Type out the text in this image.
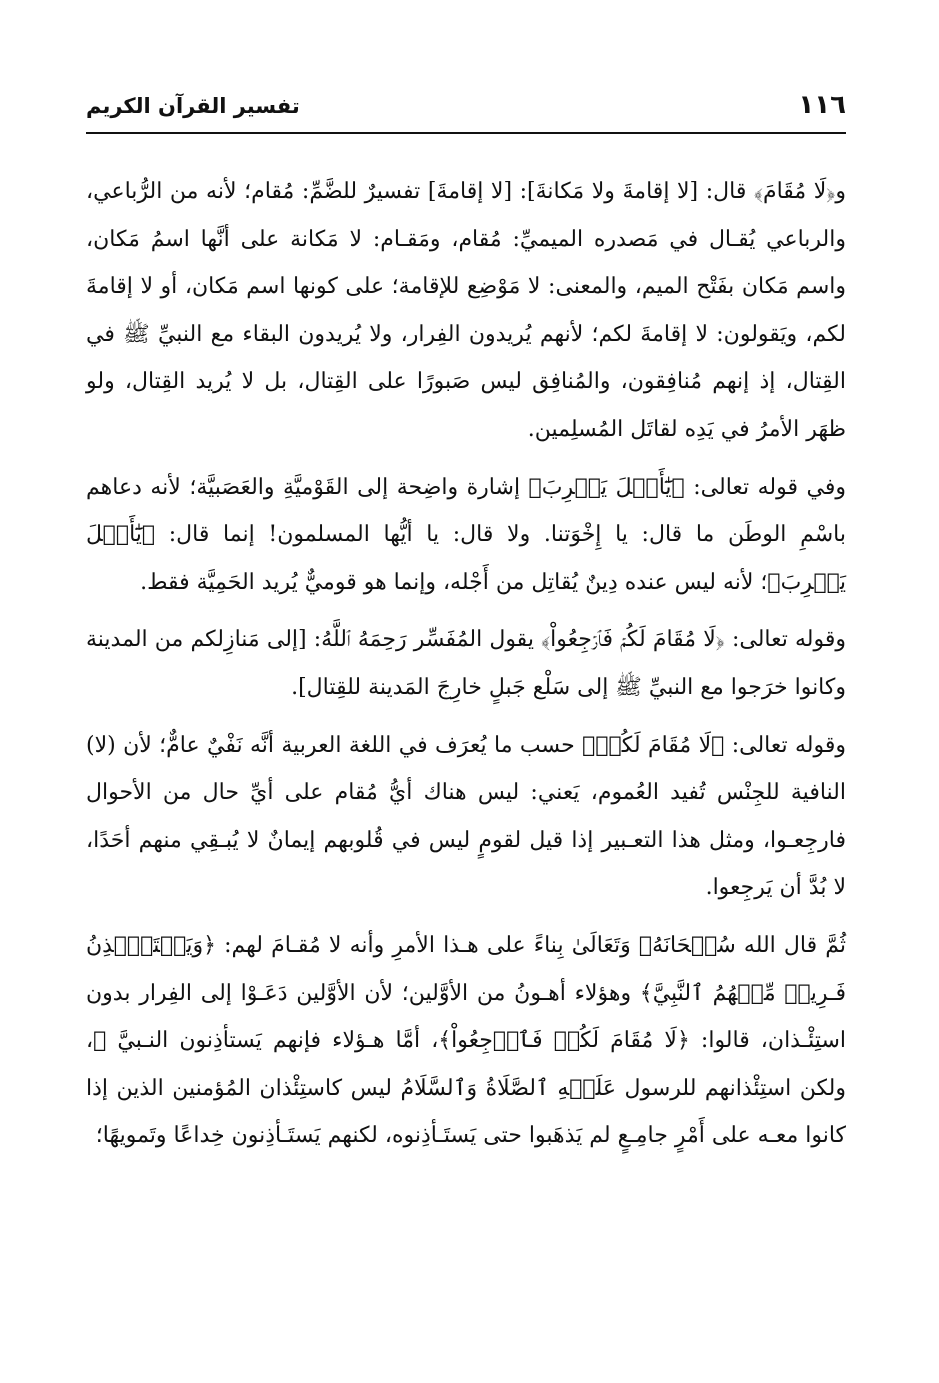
١١٦
تفسير القرآن الكريم

و﴿لَا مُقَامَ﴾ قال: [لا إقامةَ ولا مَكانةَ]: [لا إقامةَ] تفسيرٌ للضَّمِّ: مُقام؛ لأنه من الرُّباعي، والرباعي يُقـال في مَصدره الميميِّ: مُقام، ومَقـام: لا مَكانة على أنَّها اسمُ مَكان، واسم مَكان بفَتْح الميم، والمعنى: لا مَوْضِع للإقامة؛ على كونها اسم مَكان، أو لا إقامةَ لكم، ويَقولون: لا إقامةَ لكم؛ لأنهم يُريدون الفِرار، ولا يُريدون البقاء مع النبيِّ ﷺ في القِتال، إذ إنهم مُنافِقون، والمُنافِق ليس صَبورًا على القِتال، بل لا يُريد القِتال، ولو ظهَر الأمرُ في يَدِه لقاتَل المُسلِمين.

وفي قوله تعالى: ﴿يَٰٓأَهۡلَ يَثۡرِبَ﴾ إشارة واضِحة إلى القَوْميَّةِ والعَصَبيَّة؛ لأنه دعاهم باسْمِ الوطَن ما قال: يا إِخْوَتنا. ولا قال: يا أيُّها المسلمون! إنما قال: ﴿يَٰٓأَهۡلَ يَثۡرِبَ﴾؛ لأنه ليس عنده دِينٌ يُقاتِل من أَجْله، وإنما هو قوميٌّ يُريد الحَمِيَّة فقط.

وقوله تعالى: ﴿لَا مُقَامَ لَكُمۡ فَٱرۡجِعُواْ﴾ يقول المُفَسِّر رَحِمَهُ ٱللَّهُ: [إلى مَنازِلكم من المدينة وكانوا خرَجوا مع النبيِّ ﷺ إلى سَلْع جَبلٍ خارِجَ المَدينة للقِتال].

وقوله تعالى: ﴿لَا مُقَامَ لَكُمۡ﴾ حسب ما يُعرَف في اللغة العربية أنَّه نَفْيٌ عامٌّ؛ لأن (لا) النافية للجِنْس تُفيد العُموم، يَعني: ليس هناك أيُّ مُقام على أيِّ حال من الأحوال فارجِعـوا، ومثل هذا التعـبير إذا قيل لقومٍ ليس في قُلوبهم إيمانٌ لا يُبـقِي منهم أحَدًا، لا بُدَّ أن يَرجِعوا.

ثُمَّ قال الله سُبۡحَانَهُۥ وَتَعَالَىٰ بِناءً على هـذا الأمرِ وأنه لا مُقـامَ لهم: ﴿وَيَسۡتَـٔۡذِنُ فَـرِيقٞ مِّنۡهُمُ ٱلنَّبِيَّ﴾ وهؤلاء أهـونُ من الأوَّلين؛ لأن الأوَّلين دَعَـوْا إلى الفِرار بدون استِئْـذان، قالوا: ﴿لَا مُقَامَ لَكُمۡ فَٱرۡجِعُواْ﴾، أمَّا هـؤلاء فإنهم يَستأذِنون النـبيَّ ﷺ، ولكن استِئْذانهم للرسول عَلَيۡهِ ٱلصَّلَاةُ وَٱلسَّلَامُ ليس كاستِئْذان المُؤمنين الذين إذا كانوا معـه على أَمْرٍ جامِـعٍ لم يَذهَبوا حتى يَستَـأذِنوه، لكنهم يَستَـأذِنون خِداعًا وتَمويهًا؛
